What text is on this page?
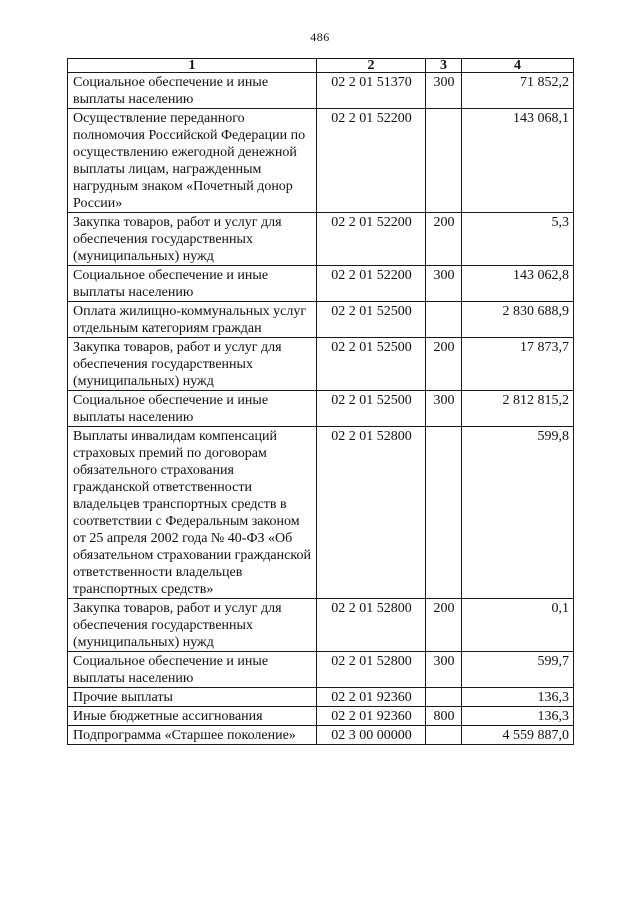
486
1	2	3	4
Социальное обеспечение и иные выплаты населению	02 2 01 51370	300	71 852,2
Осуществление переданного полномочия Российской Федерации по осуществлению ежегодной денежной выплаты лицам, награжденным нагрудным знаком «Почетный донор России»	02 2 01 52200		143 068,1
Закупка товаров, работ и услуг для обеспечения государственных (муниципальных) нужд	02 2 01 52200	200	5,3
Социальное обеспечение и иные выплаты населению	02 2 01 52200	300	143 062,8
Оплата жилищно-коммунальных услуг отдельным категориям граждан	02 2 01 52500		2 830 688,9
Закупка товаров, работ и услуг для обеспечения государственных (муниципальных) нужд	02 2 01 52500	200	17 873,7
Социальное обеспечение и иные выплаты населению	02 2 01 52500	300	2 812 815,2
Выплаты инвалидам компенсаций страховых премий по договорам обязательного страхования гражданской ответственности владельцев транспортных средств в соответствии с Федеральным законом от 25 апреля 2002 года № 40-ФЗ «Об обязательном страховании гражданской ответственности владельцев транспортных средств»	02 2 01 52800		599,8
Закупка товаров, работ и услуг для обеспечения государственных (муниципальных) нужд	02 2 01 52800	200	0,1
Социальное обеспечение и иные выплаты населению	02 2 01 52800	300	599,7
Прочие выплаты	02 2 01 92360		136,3
Иные бюджетные ассигнования	02 2 01 92360	800	136,3
Подпрограмма «Старшее поколение»	02 3 00 00000		4 559 887,0
